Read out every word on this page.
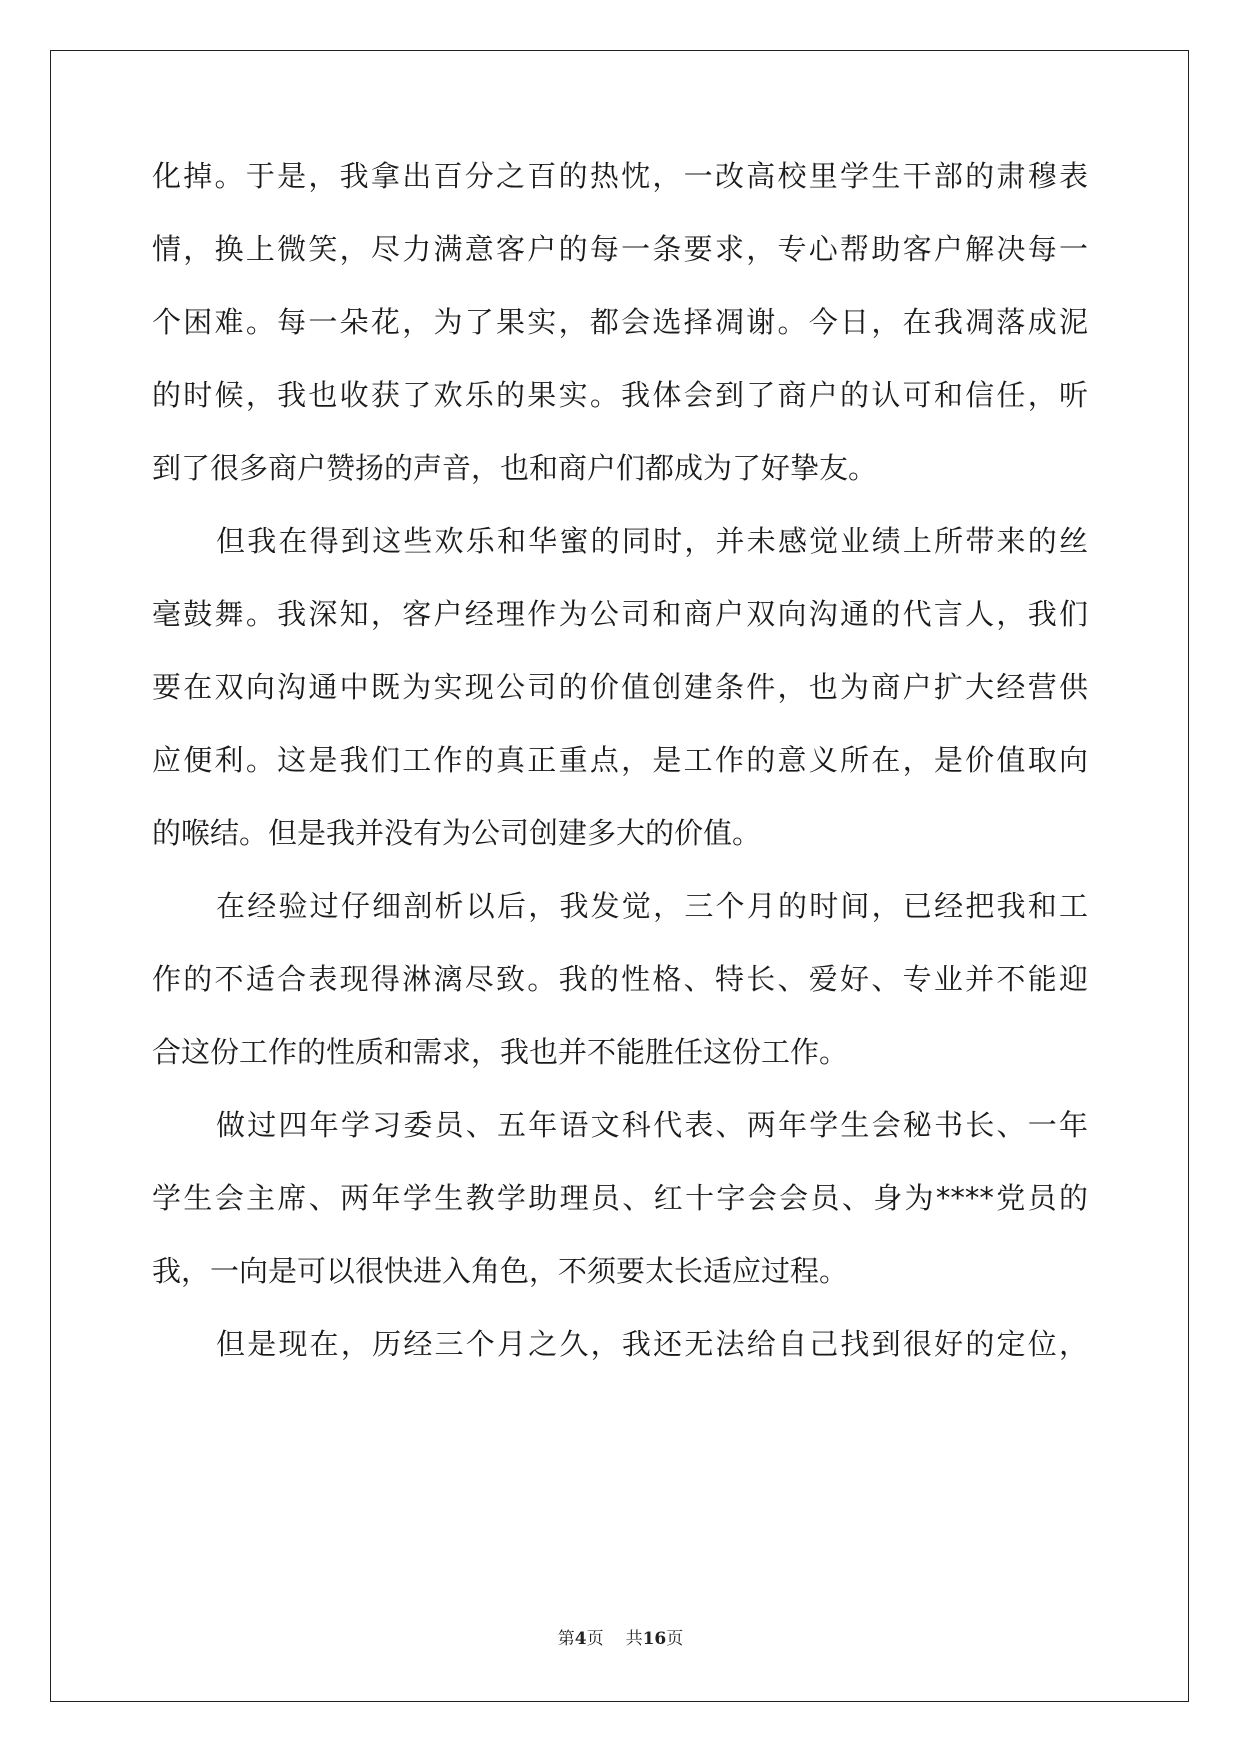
化掉。于是，我拿出百分之百的热忱，一改高校里学生干部的肃穆表
情，换上微笑，尽力满意客户的每一条要求，专心帮助客户解决每一
个困难。每一朵花，为了果实，都会选择凋谢。今日，在我凋落成泥
的时候，我也收获了欢乐的果实。我体会到了商户的认可和信任，听
到了很多商户赞扬的声音，也和商户们都成为了好挚友。
但我在得到这些欢乐和华蜜的同时，并未感觉业绩上所带来的丝
毫鼓舞。我深知，客户经理作为公司和商户双向沟通的代言人，我们
要在双向沟通中既为实现公司的价值创建条件，也为商户扩大经营供
应便利。这是我们工作的真正重点，是工作的意义所在，是价值取向
的喉结。但是我并没有为公司创建多大的价值。
在经验过仔细剖析以后，我发觉，三个月的时间，已经把我和工
作的不适合表现得淋漓尽致。我的性格、特长、爱好、专业并不能迎
合这份工作的性质和需求，我也并不能胜任这份工作。
做过四年学习委员、五年语文科代表、两年学生会秘书长、一年
学生会主席、两年学生教学助理员、红十字会会员、身为****党员的
我，一向是可以很快进入角色，不须要太长适应过程。
但是现在，历经三个月之久，我还无法给自己找到很好的定位，
第4页 共16页
